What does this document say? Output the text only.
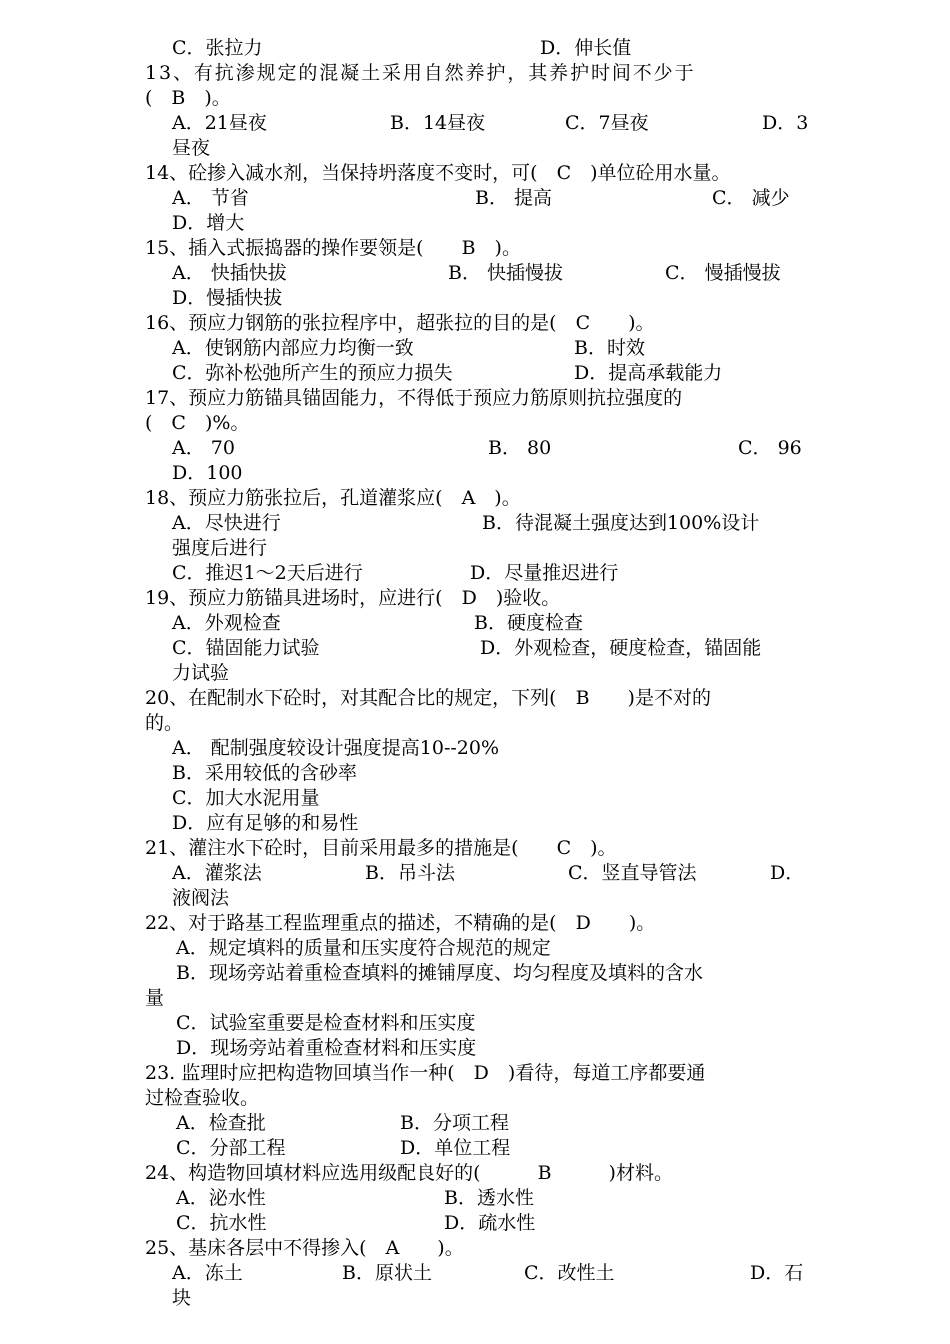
C．张拉力	D．伸长值
13、有抗渗规定的混凝土采用自然养护，其养护时间不少于
(　B　)。
A．21昼夜	B．14昼夜	C．7昼夜	D．3
昼夜
14、砼掺入减水剂，当保持坍落度不变时，可(　C　)单位砼用水量。
A． 节省	B． 提高	C． 减少
D．增大
15、插入式振捣器的操作要领是(　　B　)。
A． 快插快拔	B． 快插慢拔	C． 慢插慢拔
D．慢插快拔
16、预应力钢筋的张拉程序中，超张拉的目的是(　C　　)。
A．使钢筋内部应力均衡一致	B．时效
C．弥补松弛所产生的预应力损失	D．提高承载能力
17、预应力筋锚具锚固能力，不得低于预应力筋原则抗拉强度的
(　C　)%。
A． 70	B． 80	C． 96
D．100
18、预应力筋张拉后，孔道灌浆应(　A　)。
A．尽快进行	B．待混凝土强度达到100%设计
强度后进行
C．推迟1～2天后进行	D．尽量推迟进行
19、预应力筋锚具进场时，应进行(　D　)验收。
A．外观检查	B．硬度检查
C．锚固能力试验	D．外观检查，硬度检查，锚固能
力试验
20、在配制水下砼时，对其配合比的规定，下列(　B　　)是不对的
的。
A． 配制强度较设计强度提高10--20%
B．采用较低的含砂率
C．加大水泥用量
D．应有足够的和易性
21、灌注水下砼时，目前采用最多的措施是(　　C　)。
A．灌浆法	B．吊斗法	C．竖直导管法	D．
液阀法
22、对于路基工程监理重点的描述，不精确的是(　D　　)。
A．规定填料的质量和压实度符合规范的规定
B．现场旁站着重检查填料的摊铺厚度、均匀程度及填料的含水
量
C．试验室重要是检查材料和压实度
D．现场旁站着重检查材料和压实度
23. 监理时应把构造物回填当作一种(　D　)看待，每道工序都要通
过检查验收。
A．检查批	B．分项工程
C．分部工程	D．单位工程
24、构造物回填材料应选用级配良好的(　　　B　　　)材料。
A．泌水性	B．透水性
C．抗水性	D．疏水性
25、基床各层中不得掺入(　A　　)。
A．冻土	B．原状土	C．改性土	D．石
块
